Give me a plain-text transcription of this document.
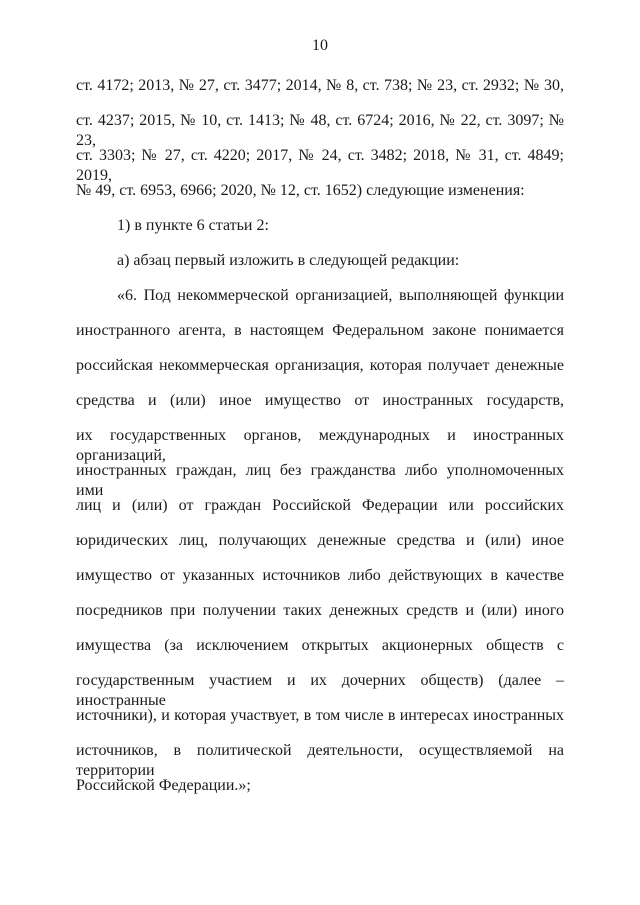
10
ст. 4172; 2013, № 27, ст. 3477; 2014, № 8, ст. 738; № 23, ст. 2932; № 30,
ст. 4237; 2015, № 10, ст. 1413; № 48, ст. 6724; 2016, № 22, ст. 3097; № 23,
ст. 3303; № 27, ст. 4220; 2017, № 24, ст. 3482; 2018, № 31, ст. 4849; 2019,
№ 49, ст. 6953, 6966; 2020, № 12, ст. 1652) следующие изменения:
1) в пункте 6 статьи 2:
а) абзац первый изложить в следующей редакции:
«6. Под некоммерческой организацией, выполняющей функции
иностранного агента, в настоящем Федеральном законе понимается
российская некоммерческая организация, которая получает денежные
средства и (или) иное имущество от иностранных государств,
их государственных органов, международных и иностранных организаций,
иностранных граждан, лиц без гражданства либо уполномоченных ими
лиц и (или) от граждан Российской Федерации или российских
юридических лиц, получающих денежные средства и (или) иное
имущество от указанных источников либо действующих в качестве
посредников при получении таких денежных средств и (или) иного
имущества (за исключением открытых акционерных обществ с
государственным участием и их дочерних обществ) (далее – иностранные
источники), и которая участвует, в том числе в интересах иностранных
источников, в политической деятельности, осуществляемой на территории
Российской Федерации.»;
